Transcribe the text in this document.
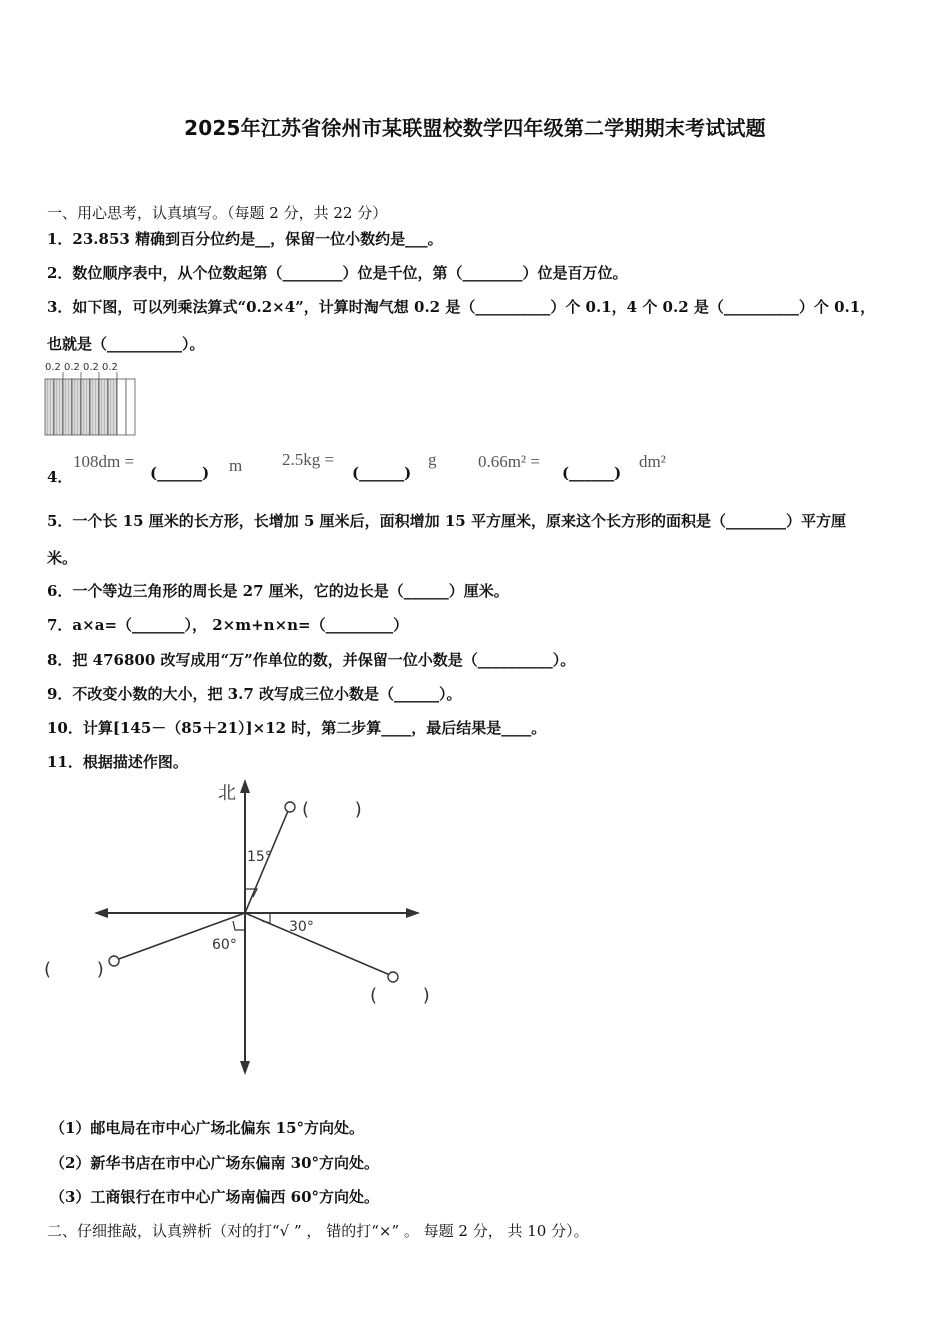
2025年江苏省徐州市某联盟校数学四年级第二学期期末考试试题
一、用心思考，认真填写。（每题 2 分，共 22 分）
1．23.853 精确到百分位约是__，保留一位小数约是___。
2．数位顺序表中，从个位数起第（________）位是千位，第（________）位是百万位。
3．如下图，可以列乘法算式“0.2×4”，计算时淘气想 0.2 是（__________）个 0.1，4 个 0.2 是（__________）个 0.1，
也就是（__________）。
0.2 0.2 0.2 0.2
4．
108dm =
(______) m 2.5kg =
(______)
g 0.66m² =
(______)
dm²
5．一个长 15 厘米的长方形，长增加 5 厘米后，面积增加 15 平方厘米，原来这个长方形的面积是（________）平方厘
米。
6．一个等边三角形的周长是 27 厘米，它的边长是（______）厘米。
7．a×a=（_______）， 2×m+n×n=（_________）
8．把 476800 改写成用“万”作单位的数，并保留一位小数是（__________）。
9．不改变小数的大小，把 3.7 改写成三位小数是（______）。
10．计算[145－（85＋21）]×12 时，第二步算____，最后结果是____。
11．根据描述作图。
北
15°
30°
60°
(        )
(        )
(        )
（1）邮电局在市中心广场北偏东 15°方向处。
（2）新华书店在市中心广场东偏南 30°方向处。
（3）工商银行在市中心广场南偏西 60°方向处。
二、仔细推敲，认真辨析（对的打“√ ” ， 错的打“×” 。 每题 2 分， 共 10 分）。
